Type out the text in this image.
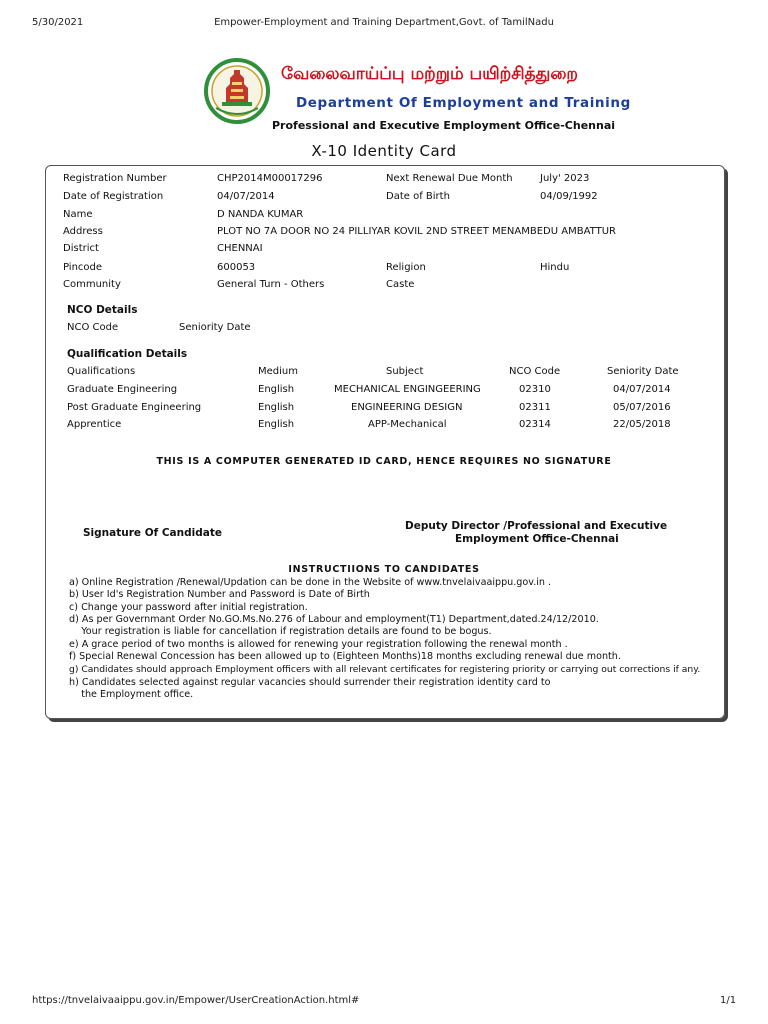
5/30/2021	Empower-Employment and Training Department,Govt. of TamilNadu
வேலைவாய்ப்பு மற்றும் பயிற்சித்துறை
Department Of Employment and Training
Professional and Executive Employment Office-Chennai
X-10 Identity Card
Registration Number	CHP2014M00017296	Next Renewal Due Month	July' 2023
Date of Registration	04/07/2014	Date of Birth	04/09/1992
Name	D NANDA KUMAR
Address	PLOT NO 7A DOOR NO 24 PILLIYAR KOVIL 2ND STREET MENAMBEDU AMBATTUR
District	CHENNAI
Pincode	600053	Religion	Hindu
Community	General Turn - Others	Caste
NCO Details
NCO Code	Seniority Date
Qualification Details
Qualifications	Medium	Subject	NCO Code	Seniority Date
Graduate Engineering	English	MECHANICAL ENGINGEERING	02310	04/07/2014
Post Graduate Engineering	English	ENGINEERING DESIGN	02311	05/07/2016
Apprentice	English	APP-Mechanical	02314	22/05/2018
THIS IS A COMPUTER GENERATED ID CARD, HENCE REQUIRES NO SIGNATURE
Signature Of Candidate
Deputy Director /Professional and Executive
Employment Office-Chennai
INSTRUCTIIONS TO CANDIDATES
a) Online Registration /Renewal/Updation can be done in the Website of www.tnvelaivaaippu.gov.in .
b) User Id's Registration Number and Password is Date of Birth
c) Change your password after initial registration.
d) As per Governmant Order No.GO.Ms.No.276 of Labour and employment(T1) Department,dated.24/12/2010.
Your registration is liable for cancellation if registration details are found to be bogus.
e) A grace period of two months is allowed for renewing your registration following the renewal month .
f) Special Renewal Concession has been allowed up to (Eighteen Months)18 months excluding renewal due month.
g) Candidates should approach Employment officers with all relevant certificates for registering priority or carrying out corrections if any.
h) Candidates selected against regular vacancies should surrender their registration identity card to
the Employment office.
https://tnvelaivaaippu.gov.in/Empower/UserCreationAction.html#	1/1
